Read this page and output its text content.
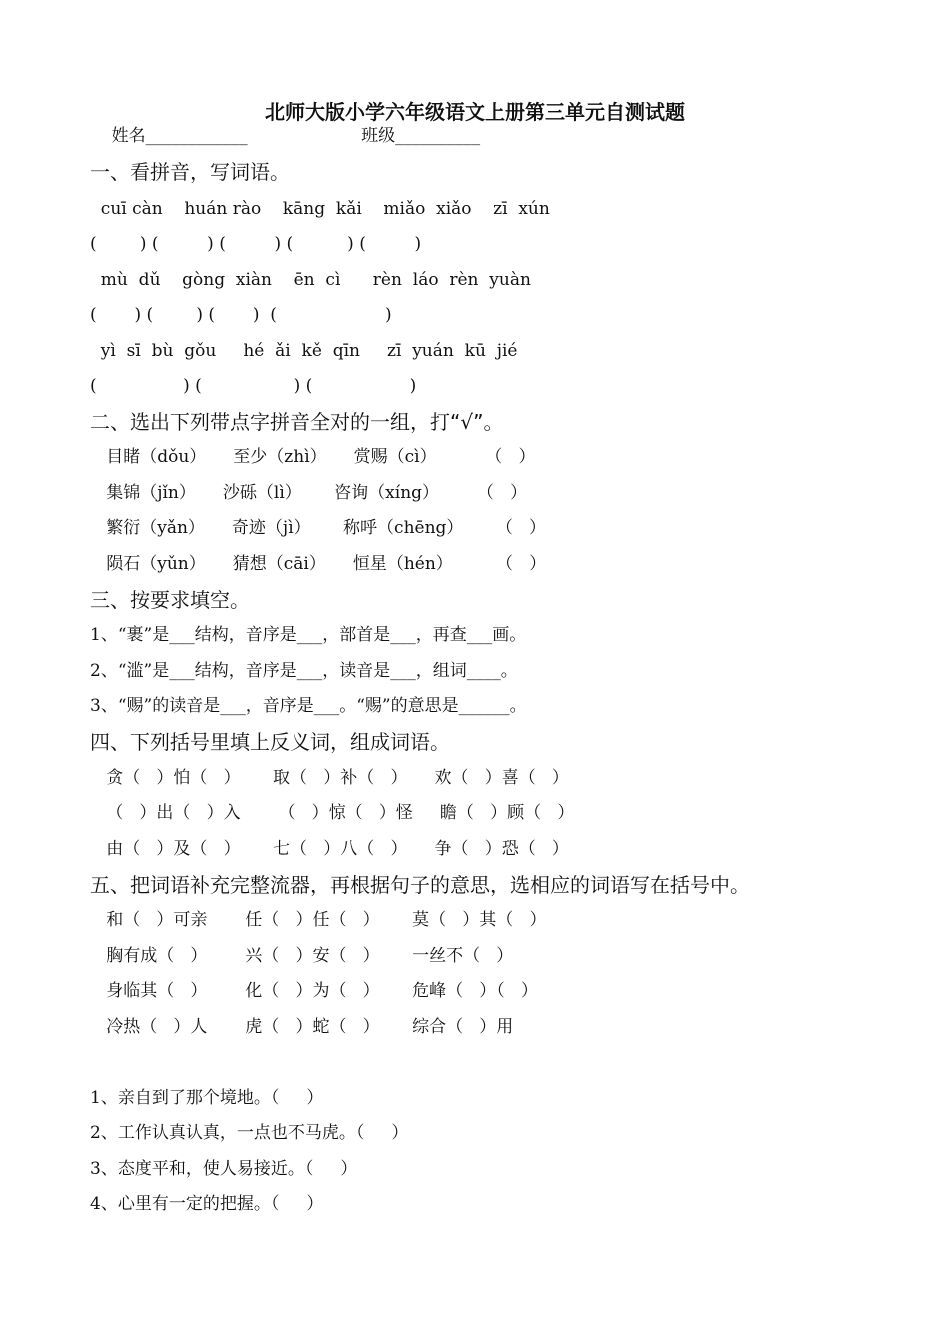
北师大版小学六年级语文上册第三单元自测试题
姓名____________                     班级__________
一、看拼音，写词语。
cuī càn    huán rào    kāng  kǎi    miǎo  xiǎo    zī  xún
(        ) (         ) (         ) (          ) (         )
mù  dǔ    gòng  xiàn    ēn  cì      rèn  láo  rèn  yuàn
(       ) (        ) (       )  (                    )
yì  sī  bù  gǒu     hé  ǎi  kě  qīn     zī  yuán  kū  jié
(                ) (                 ) (                  )
二、选出下列带点字拼音全对的一组，打“√”。
目睹（dǒu）     至少（zhì）     赏赐（cì）         （   ）
集锦（jǐn）     沙砾（lì）      咨询（xíng）       （   ）
繁衍（yǎn）     奇迹（jì）      称呼（chēng）      （   ）
陨石（yǔn）     猜想（cāi）     恒星（hén）        （   ）
三、按要求填空。
1、“裹”是___结构，音序是___，部首是___，再查___画。
2、“滥”是___结构，音序是___，读音是___，组词____。
3、“赐”的读音是___，音序是___。“赐”的意思是______。
四、下列括号里填上反义词，组成词语。
贪（   ）怕（   ）      取（   ）补（   ）     欢（   ）喜（   ）
（   ）出（   ）入       （   ）惊（   ）怪     瞻（   ）顾（   ）
由（   ）及（   ）      七（   ）八（   ）     争（   ）恐（   ）
五、把词语补充完整流器，再根据句子的意思，选相应的词语写在括号中。
和（   ）可亲       任（   ）任（   ）      莫（   ）其（   ）
胸有成（   ）       兴（   ）安（   ）      一丝不（   ）
身临其（   ）       化（   ）为（   ）      危峰（   ）（   ）
冷热（   ）人       虎（   ）蛇（   ）      综合（   ）用
1、亲自到了那个境地。（     ）
2、工作认真认真，一点也不马虎。（     ）
3、态度平和，使人易接近。（     ）
4、心里有一定的把握。（     ）
